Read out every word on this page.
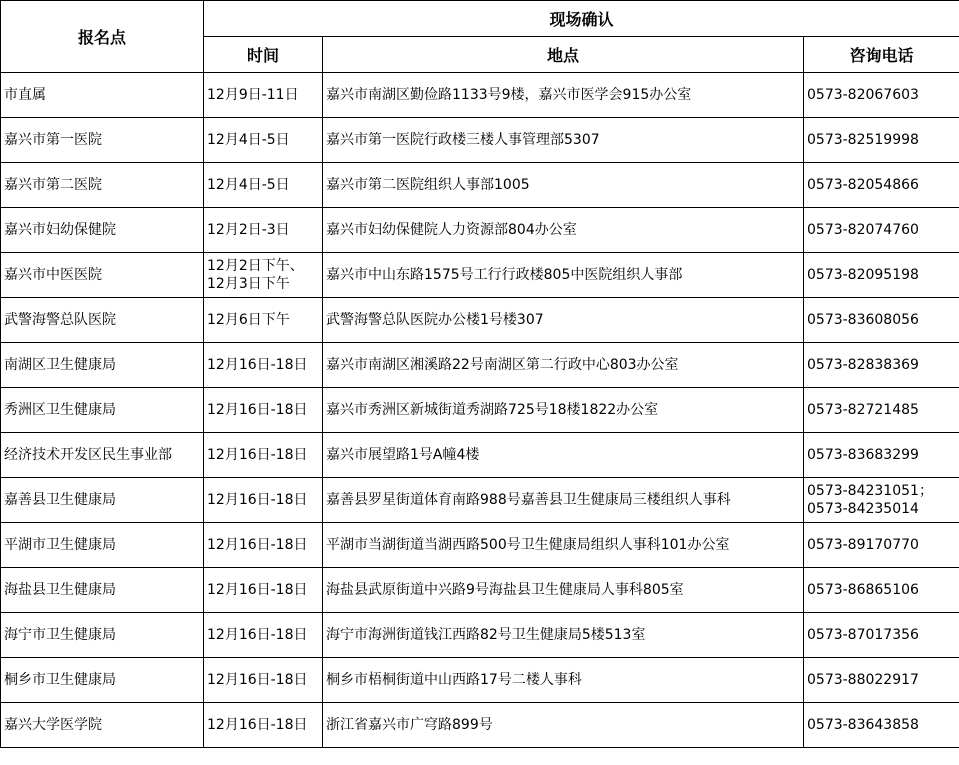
报名点	现场确认		
	时间	地点	咨询电话
市直属	12月9日-11日	嘉兴市南湖区勤俭路1133号9楼，嘉兴市医学会915办公室	0573-82067603

嘉兴市第一医院	12月4日-5日	嘉兴市第一医院行政楼三楼人事管理部5307	0573-82519998

嘉兴市第二医院	12月4日-5日	嘉兴市第二医院组织人事部1005	0573-82054866

嘉兴市妇幼保健院	12月2日-3日	嘉兴市妇幼保健院人力资源部804办公室	0573-82074760

嘉兴市中医医院	12月2日下午、
12月3日下午	嘉兴市中山东路1575号工行行政楼805中医院组织人事部	0573-82095198

武警海警总队医院	12月6日下午	武警海警总队医院办公楼1号楼307	0573-83608056

南湖区卫生健康局	12月16日-18日	嘉兴市南湖区湘溪路22号南湖区第二行政中心803办公室	0573-82838369

秀洲区卫生健康局	12月16日-18日	嘉兴市秀洲区新城街道秀湖路725号18楼1822办公室	0573-82721485

经济技术开发区民生事业部	12月16日-18日	嘉兴市展望路1号A幢4楼	0573-83683299

嘉善县卫生健康局	12月16日-18日	嘉善县罗星街道体育南路988号嘉善县卫生健康局三楼组织人事科	0573-84231051；
0573-84235014

平湖市卫生健康局	12月16日-18日	平湖市当湖街道当湖西路500号卫生健康局组织人事科101办公室	0573-89170770

海盐县卫生健康局	12月16日-18日	海盐县武原街道中兴路9号海盐县卫生健康局人事科805室	0573-86865106

海宁市卫生健康局	12月16日-18日	海宁市海洲街道钱江西路82号卫生健康局5楼513室	0573-87017356

桐乡市卫生健康局	12月16日-18日	桐乡市梧桐街道中山西路17号二楼人事科	0573-88022917

嘉兴大学医学院	12月16日-18日	浙江省嘉兴市广穹路899号	0573-83643858
